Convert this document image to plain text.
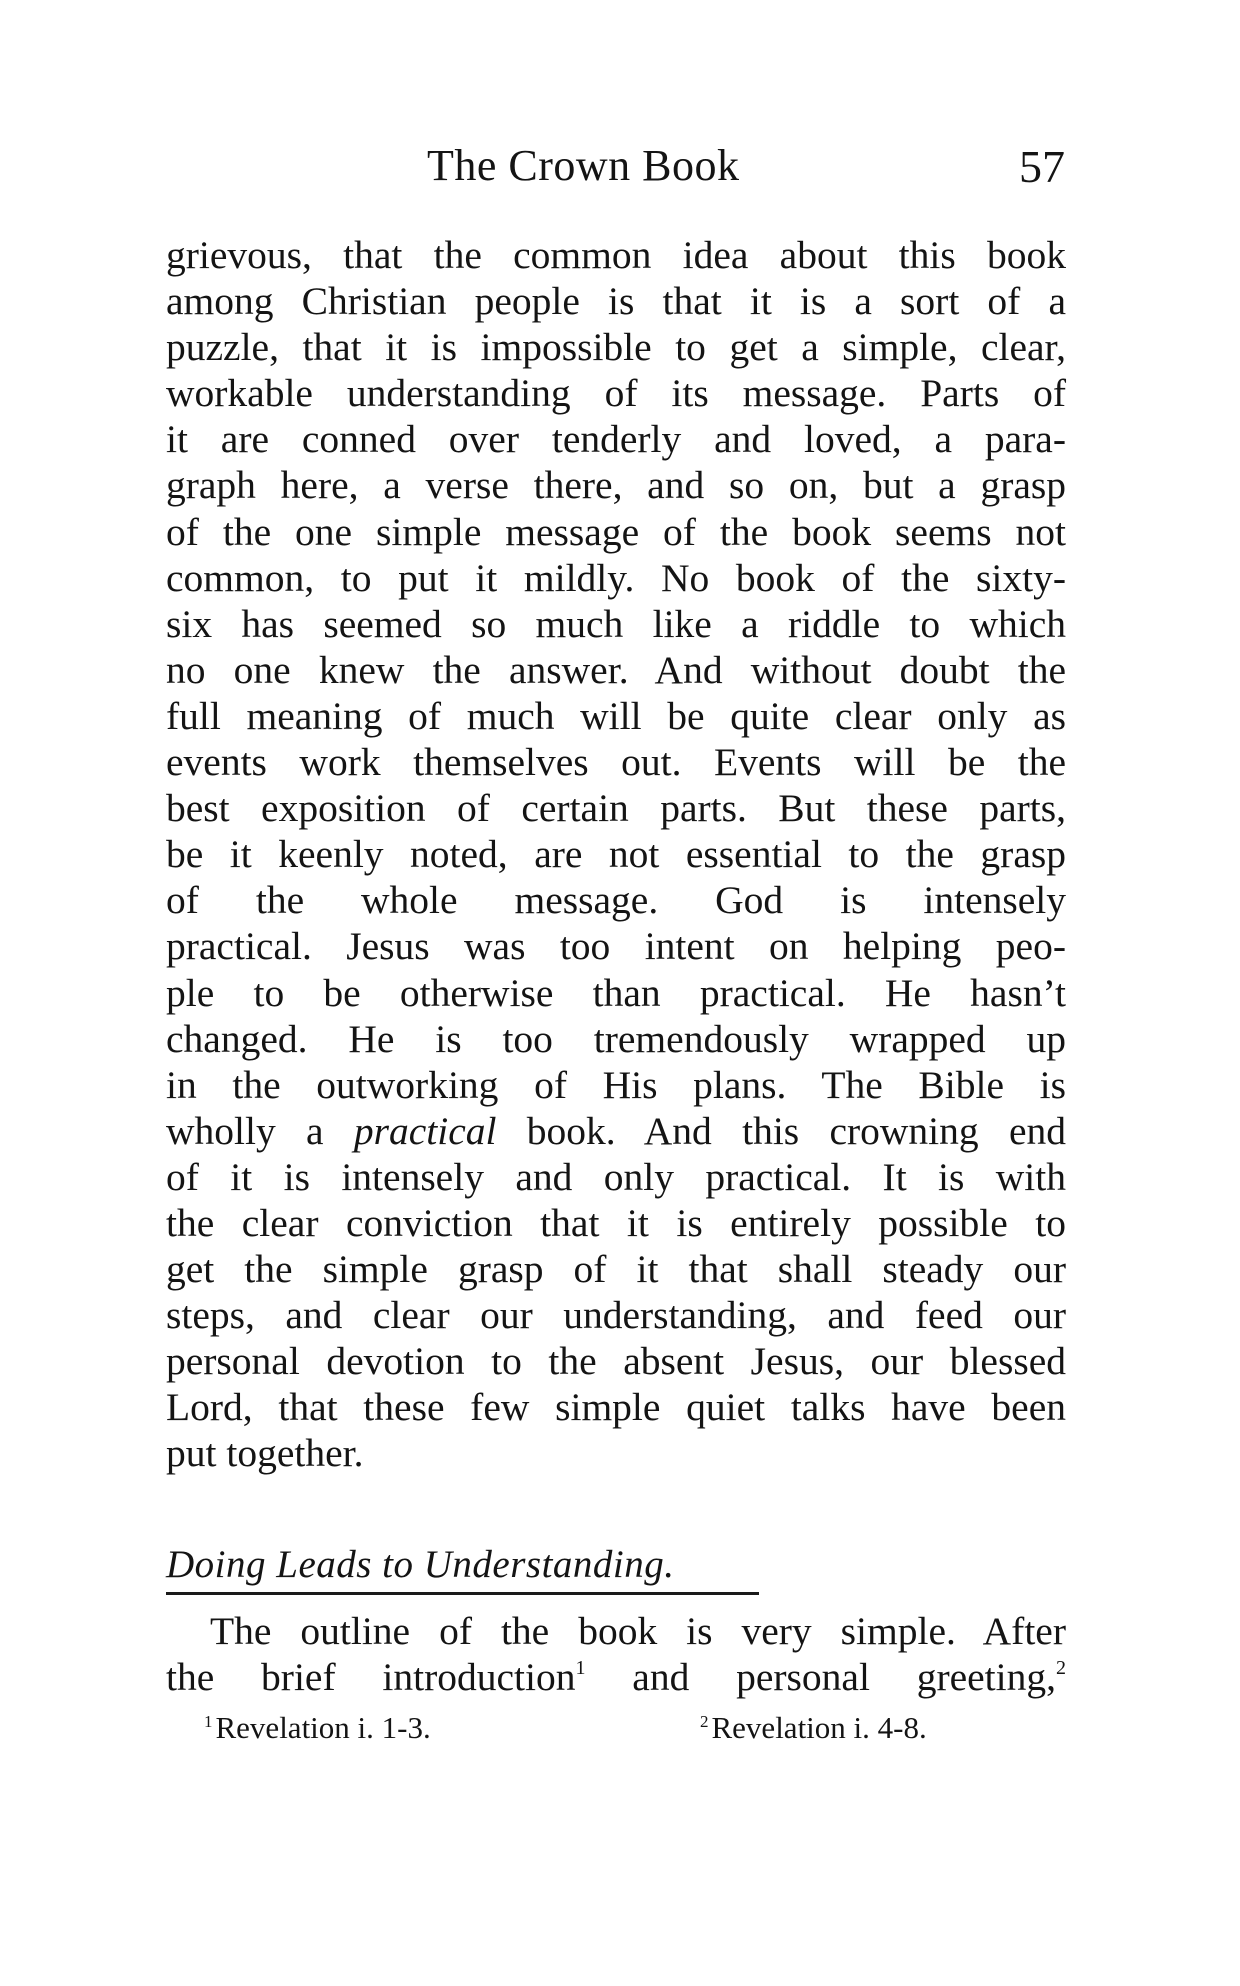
The Crown Book	57
grievous, that the common idea about this book
among Christian people is that it is a sort of a
puzzle, that it is impossible to get a simple, clear,
workable understanding of its message. Parts of
it are conned over tenderly and loved, a para-
graph here, a verse there, and so on, but a grasp
of the one simple message of the book seems not
common, to put it mildly. No book of the sixty-
six has seemed so much like a riddle to which
no one knew the answer. And without doubt the
full meaning of much will be quite clear only as
events work themselves out. Events will be the
best exposition of certain parts. But these parts,
be it keenly noted, are not essential to the grasp
of the whole message. God is intensely
practical. Jesus was too intent on helping peo-
ple to be otherwise than practical. He hasn’t
changed. He is too tremendously wrapped up
in the outworking of His plans. The Bible is
wholly a practical book. And this crowning end
of it is intensely and only practical. It is with
the clear conviction that it is entirely possible to
get the simple grasp of it that shall steady our
steps, and clear our understanding, and feed our
personal devotion to the absent Jesus, our blessed
Lord, that these few simple quiet talks have been
put together.
Doing Leads to Understanding.
The outline of the book is very simple. After
the brief introduction$^1$ and personal greeting,$^2$
$^1$Revelation i. 1-3.	$^2$Revelation i. 4-8.
